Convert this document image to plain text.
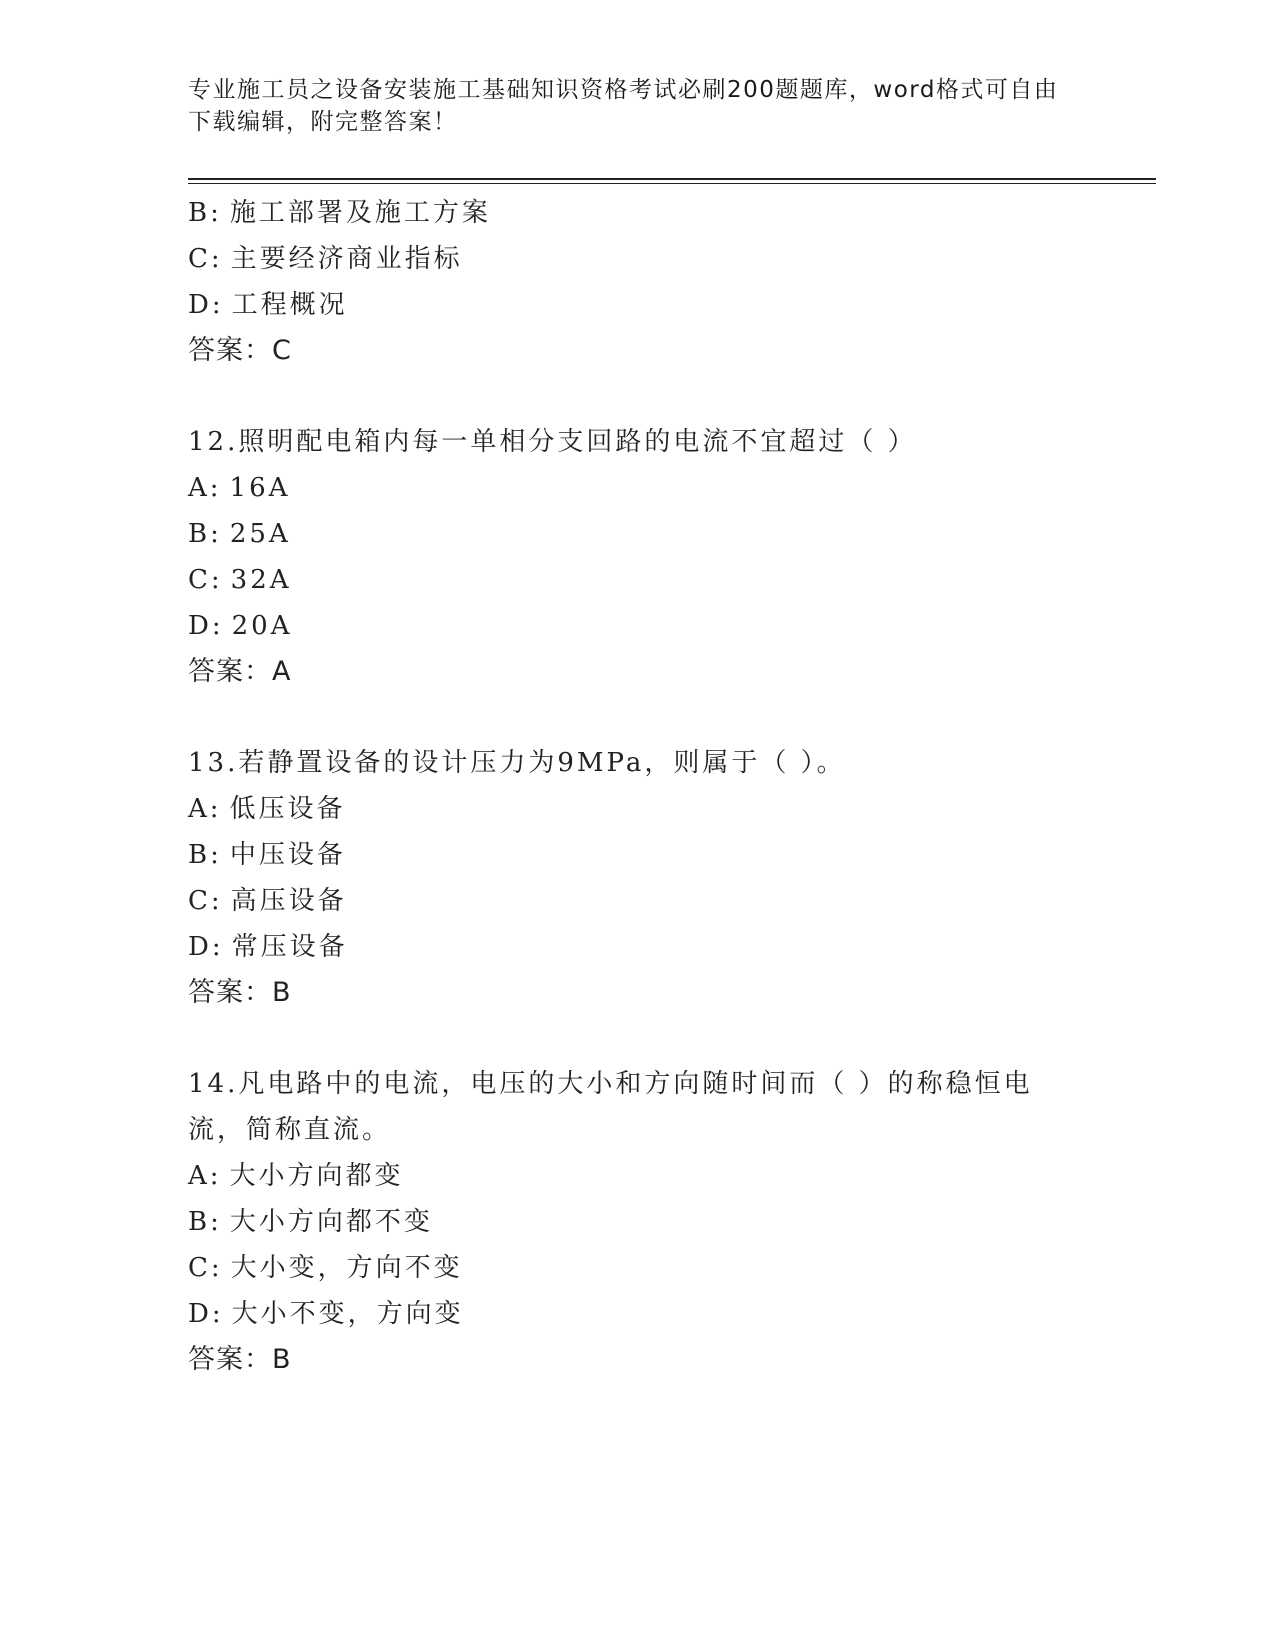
专业施工员之设备安装施工基础知识资格考试必刷200题题库，word格式可自由下载编辑，附完整答案！
B: 施工部署及施工方案
C: 主要经济商业指标
D: 工程概况
答案：C
12.照明配电箱内每一单相分支回路的电流不宜超过（ ）
A: 16A
B: 25A
C: 32A
D: 20A
答案：A
13.若静置设备的设计压力为9MPa，则属于（ ）。
A: 低压设备
B: 中压设备
C: 高压设备
D: 常压设备
答案：B
14.凡电路中的电流，电压的大小和方向随时间而（ ）的称稳恒电流，简称直流。
A: 大小方向都变
B: 大小方向都不变
C: 大小变，方向不变
D: 大小不变，方向变
答案：B
